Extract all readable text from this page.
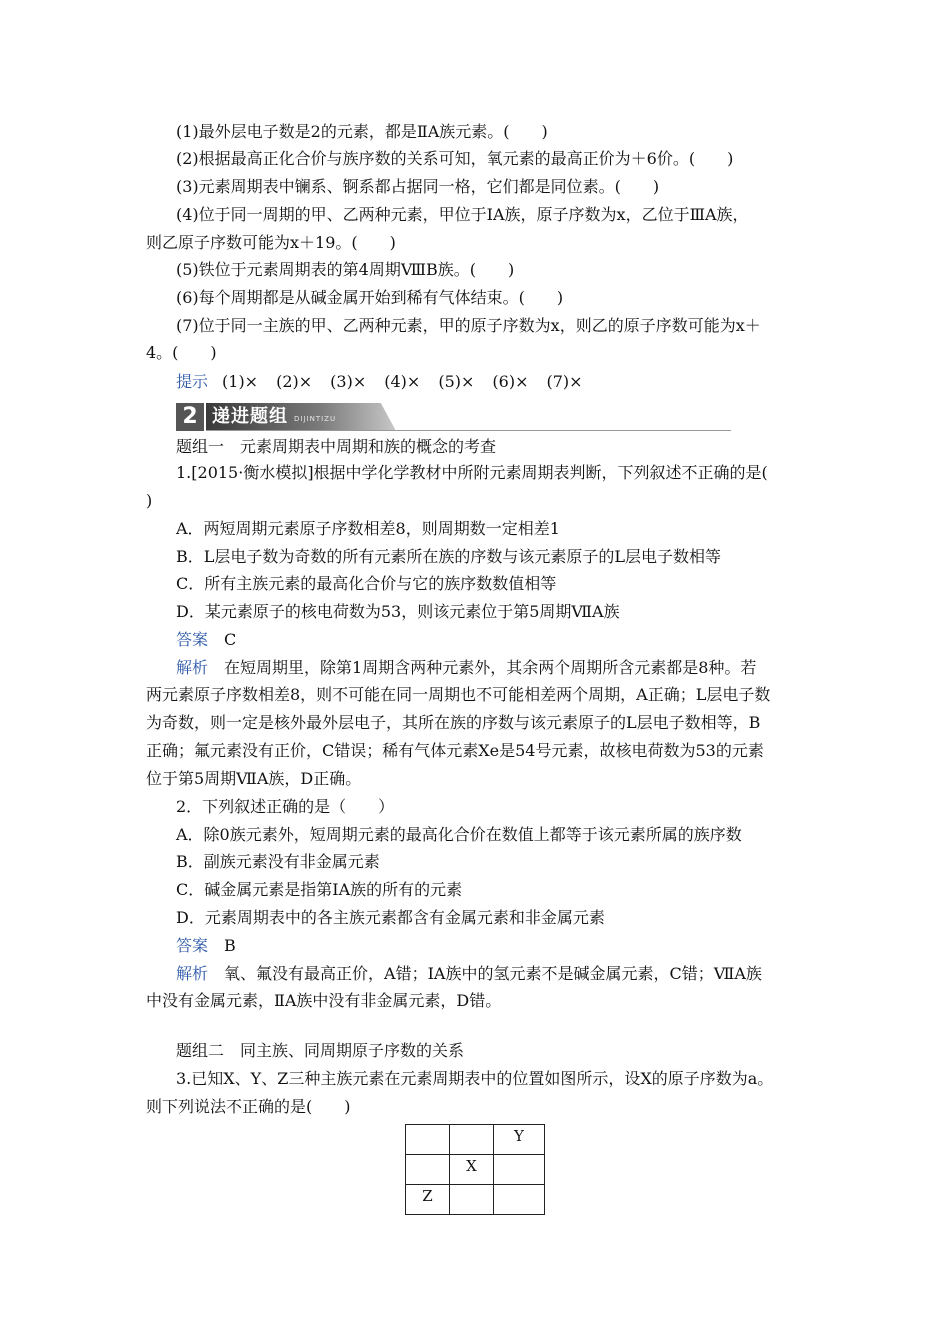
(1)最外层电子数是2的元素，都是ⅡA族元素。(　　)
(2)根据最高正化合价与族序数的关系可知，氧元素的最高正价为＋6价。(　　)
(3)元素周期表中镧系、锕系都占据同一格，它们都是同位素。(　　)
(4)位于同一周期的甲、乙两种元素，甲位于ⅠA族，原子序数为x，乙位于ⅢA族，
则乙原子序数可能为x＋19。(　　)
(5)铁位于元素周期表的第4周期ⅧB族。(　　)
(6)每个周期都是从碱金属开始到稀有气体结束。(　　)
(7)位于同一主族的甲、乙两种元素，甲的原子序数为x，则乙的原子序数可能为x＋
4。(　　)
提示 (1)× (2)× (3)× (4)× (5)× (6)× (7)×
2 递进题组 DIJINTIZU
题组一　元素周期表中周期和族的概念的考查
1.[2015·衡水模拟]根据中学化学教材中所附元素周期表判断，下列叙述不正确的是(
)
A．两短周期元素原子序数相差8，则周期数一定相差1
B．L层电子数为奇数的所有元素所在族的序数与该元素原子的L层电子数相等
C．所有主族元素的最高化合价与它的族序数数值相等
D．某元素原子的核电荷数为53，则该元素位于第5周期ⅦA族
答案 C
解析 在短周期里，除第1周期含两种元素外，其余两个周期所含元素都是8种。若
两元素原子序数相差8，则不可能在同一周期也不可能相差两个周期，A正确；L层电子数
为奇数，则一定是核外最外层电子，其所在族的序数与该元素原子的L层电子数相等，B
正确；氟元素没有正价，C错误；稀有气体元素Xe是54号元素，故核电荷数为53的元素
位于第5周期ⅦA族，D正确。
2．下列叙述正确的是（　　）
A．除0族元素外，短周期元素的最高化合价在数值上都等于该元素所属的族序数
B．副族元素没有非金属元素
C．碱金属元素是指第ⅠA族的所有的元素
D．元素周期表中的各主族元素都含有金属元素和非金属元素
答案 B
解析 氧、氟没有最高正价，A错；ⅠA族中的氢元素不是碱金属元素，C错；ⅦA族
中没有金属元素，ⅡA族中没有非金属元素，D错。
题组二　同主族、同周期原子序数的关系
3.已知X、Y、Z三种主族元素在元素周期表中的位置如图所示，设X的原子序数为a。
则下列说法不正确的是(　　)
		Y
	X	
Z		
